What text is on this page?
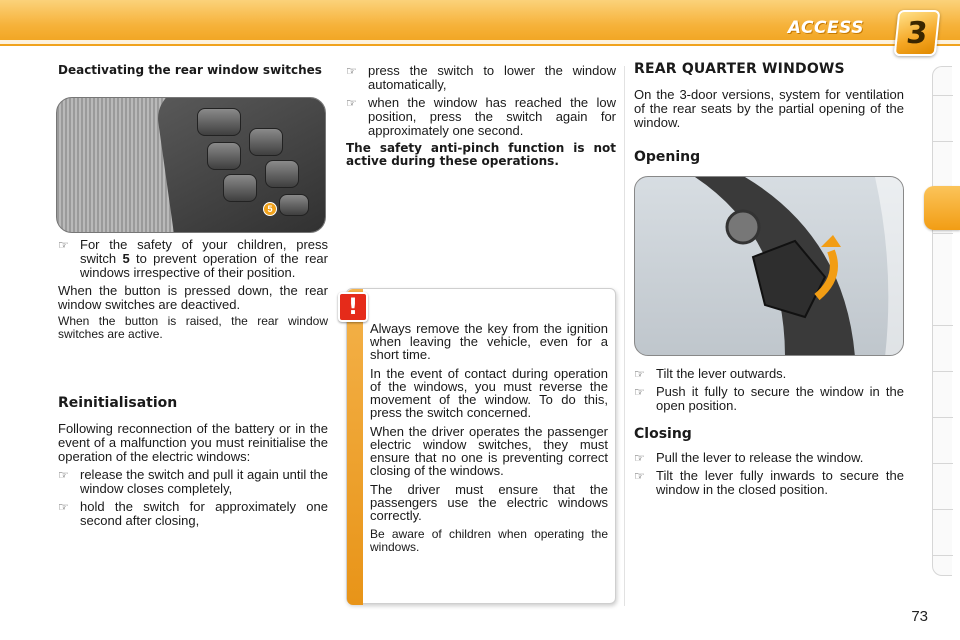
ACCESS 3
Deactivating the rear window switches
5
☞ For the safety of your children, press switch 5 to prevent operation of the rear windows irrespective of their position.

When the button is pressed down, the rear window switches are deactived.

When the button is raised, the rear window switches are active.

Reinitialisation

Following reconnection of the battery or in the event of a malfunction you must reinitialise the operation of the electric windows:

☞ release the switch and pull it again until the window closes completely,
☞ hold the switch for approximately one second after closing,
☞ press the switch to lower the window automatically,
☞ when the window has reached the low position, press the switch again for approximately one second.
The safety anti-pinch function is not active during these operations.
!

Always remove the key from the ignition when leaving the vehicle, even for a short time.

In the event of contact during operation of the windows, you must reverse the movement of the window. To do this, press the switch concerned.

When the driver operates the passenger electric window switches, they must ensure that no one is preventing correct closing of the windows.

The driver must ensure that the passengers use the electric windows correctly.

Be aware of children when operating the windows.

REAR QUARTER WINDOWS

On the 3-door versions, system for ventilation of the rear seats by the partial opening of the window.

Opening
☞ Tilt the lever outwards.
☞ Push it fully to secure the window in the open position.
Closing
☞ Pull the lever to release the window.
☞ Tilt the lever fully inwards to secure the window in the closed position.
73
